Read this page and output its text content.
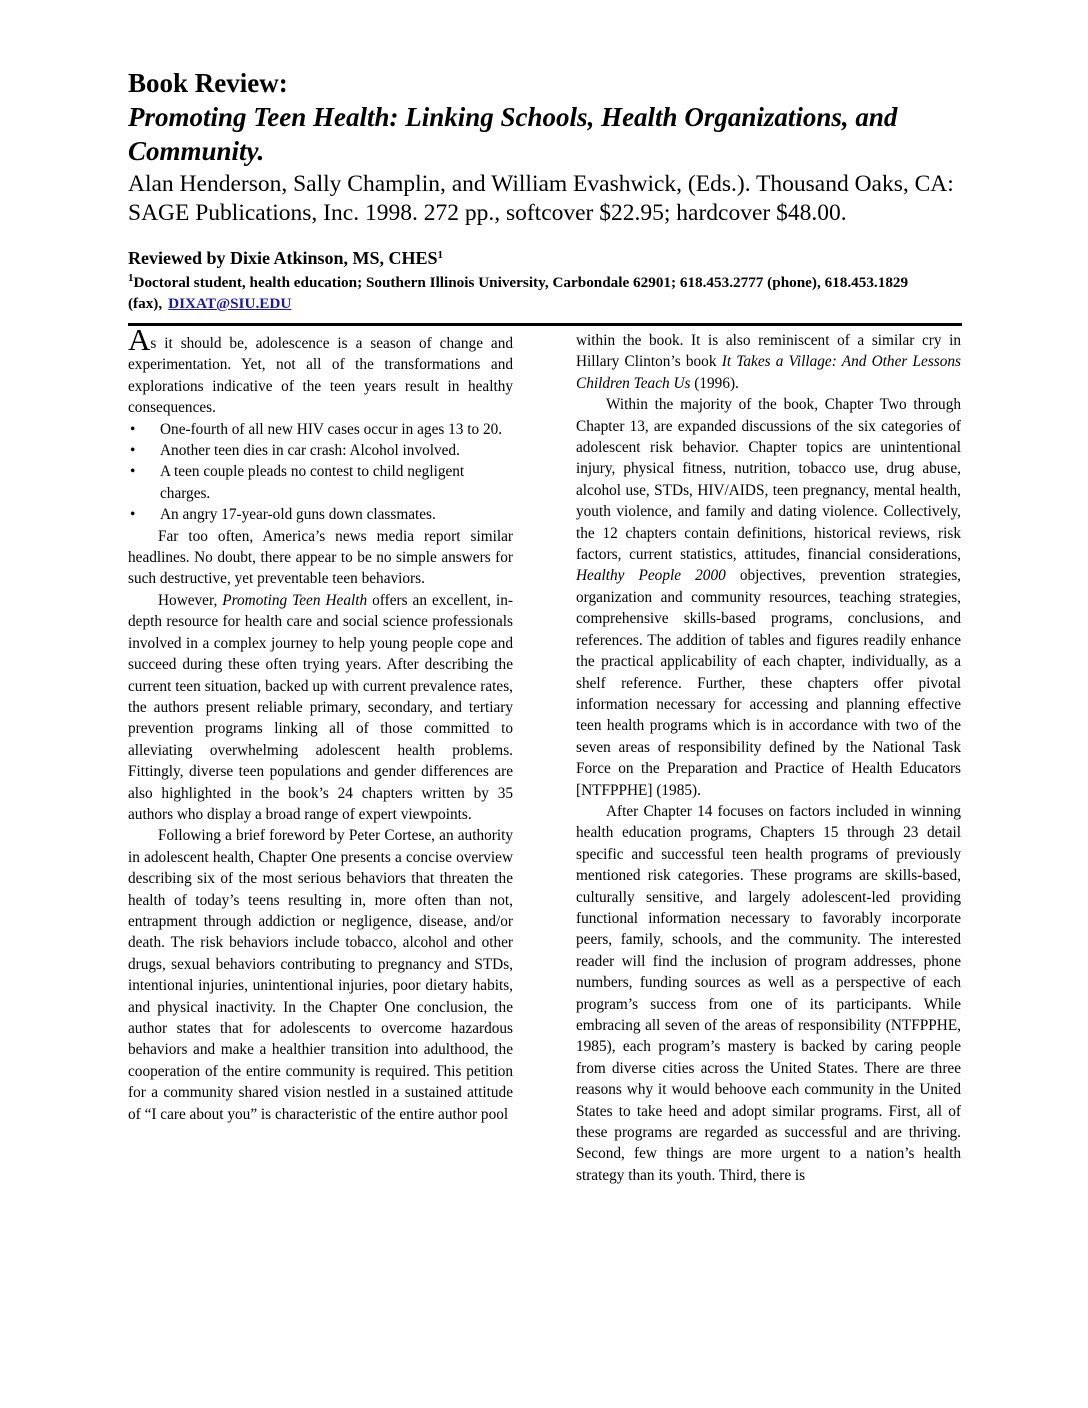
Book Review:

Promoting Teen Health: Linking Schools, Health Organizations, and Community.

Alan Henderson, Sally Champlin, and William Evashwick, (Eds.). Thousand Oaks, CA: SAGE Publications, Inc. 1998. 272 pp., softcover $22.95; hardcover $48.00.

Reviewed by Dixie Atkinson, MS, CHES$^1$
$^1$Doctoral student, health education; Southern Illinois University, Carbondale 62901; 618.453.2777 (phone), 618.453.1829 (fax), DIXAT@SIU.EDU

As it should be, adolescence is a season of change and experimentation. Yet, not all of the transformations and explorations indicative of the teen years result in healthy consequences.

• One-fourth of all new HIV cases occur in ages 13 to 20.
• Another teen dies in car crash: Alcohol involved.
• A teen couple pleads no contest to child negligent charges.
• An angry 17-year-old guns down classmates.

Far too often, America’s news media report similar headlines. No doubt, there appear to be no simple answers for such destructive, yet preventable teen behaviors.

However, Promoting Teen Health offers an excellent, in-depth resource for health care and social science professionals involved in a complex journey to help young people cope and succeed during these often trying years. After describing the current teen situation, backed up with current prevalence rates, the authors present reliable primary, secondary, and tertiary prevention programs linking all of those committed to alleviating overwhelming adolescent health problems. Fittingly, diverse teen populations and gender differences are also highlighted in the book’s 24 chapters written by 35 authors who display a broad range of expert viewpoints.

Following a brief foreword by Peter Cortese, an authority in adolescent health, Chapter One presents a concise overview describing six of the most serious behaviors that threaten the health of today’s teens resulting in, more often than not, entrapment through addiction or negligence, disease, and/or death. The risk behaviors include tobacco, alcohol and other drugs, sexual behaviors contributing to pregnancy and STDs, intentional injuries, unintentional injuries, poor dietary habits, and physical inactivity. In the Chapter One conclusion, the author states that for adolescents to overcome hazardous behaviors and make a healthier transition into adulthood, the cooperation of the entire community is required. This petition for a community shared vision nestled in a sustained attitude of “I care about you” is characteristic of the entire author pool

within the book. It is also reminiscent of a similar cry in Hillary Clinton’s book It Takes a Village: And Other Lessons Children Teach Us (1996).

Within the majority of the book, Chapter Two through Chapter 13, are expanded discussions of the six categories of adolescent risk behavior. Chapter topics are unintentional injury, physical fitness, nutrition, tobacco use, drug abuse, alcohol use, STDs, HIV/AIDS, teen pregnancy, mental health, youth violence, and family and dating violence. Collectively, the 12 chapters contain definitions, historical reviews, risk factors, current statistics, attitudes, financial considerations, Healthy People 2000 objectives, prevention strategies, organization and community resources, teaching strategies, comprehensive skills-based programs, conclusions, and references. The addition of tables and figures readily enhance the practical applicability of each chapter, individually, as a shelf reference. Further, these chapters offer pivotal information necessary for accessing and planning effective teen health programs which is in accordance with two of the seven areas of responsibility defined by the National Task Force on the Preparation and Practice of Health Educators [NTFPPHE] (1985).

After Chapter 14 focuses on factors included in winning health education programs, Chapters 15 through 23 detail specific and successful teen health programs of previously mentioned risk categories. These programs are skills-based, culturally sensitive, and largely adolescent-led providing functional information necessary to favorably incorporate peers, family, schools, and the community. The interested reader will find the inclusion of program addresses, phone numbers, funding sources as well as a perspective of each program’s success from one of its participants. While embracing all seven of the areas of responsibility (NTFPPHE, 1985), each program’s mastery is backed by caring people from diverse cities across the United States. There are three reasons why it would behoove each community in the United States to take heed and adopt similar programs. First, all of these programs are regarded as successful and are thriving. Second, few things are more urgent to a nation’s health strategy than its youth. Third, there is
